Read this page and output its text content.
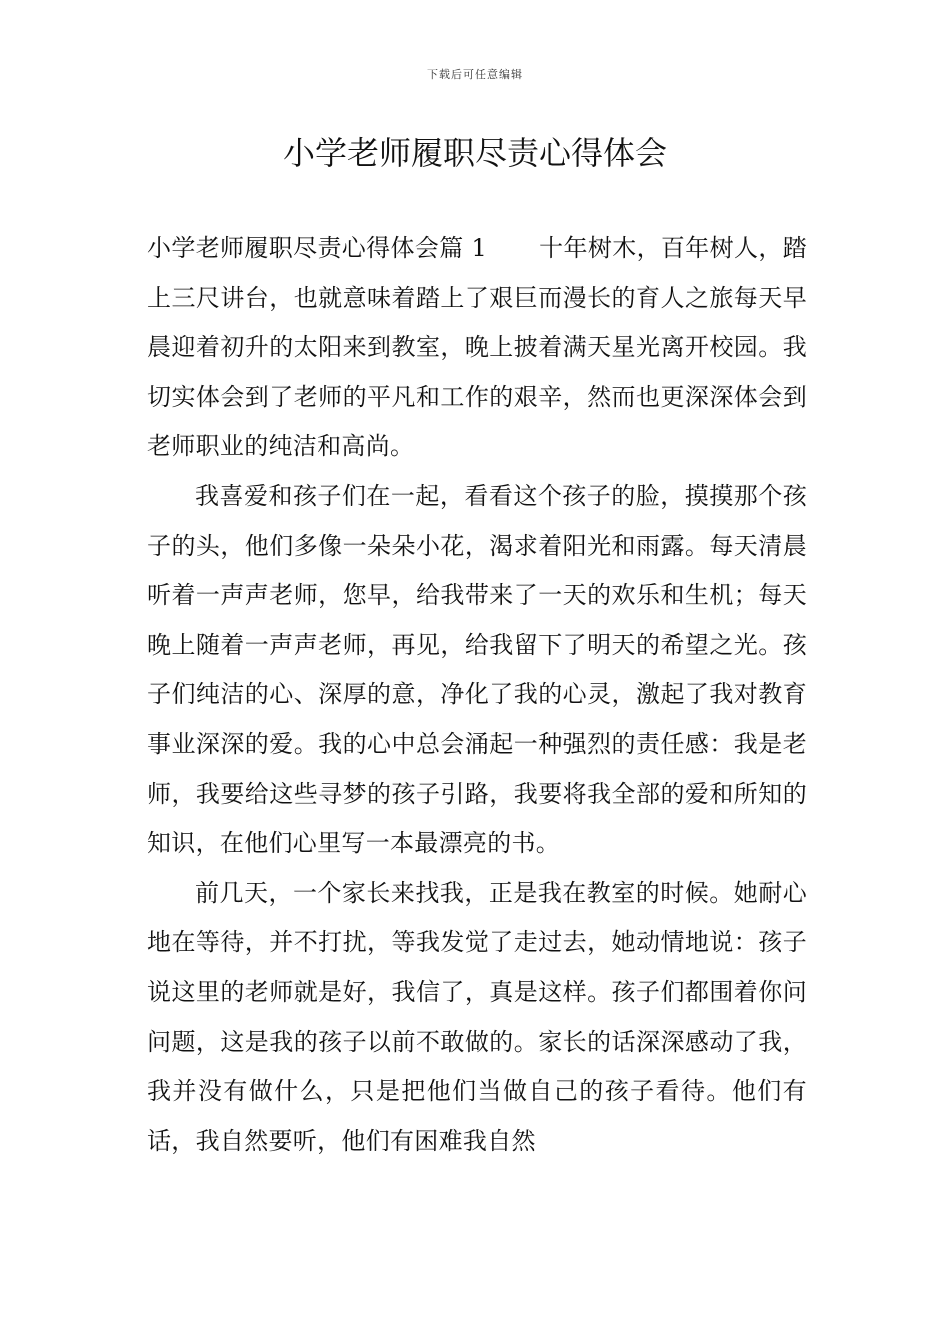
下载后可任意编辑
小学老师履职尽责心得体会

小学老师履职尽责心得体会篇 1 十年树木，百年树人，踏上三尺讲台，也就意味着踏上了艰巨而漫长的育人之旅每天早晨迎着初升的太阳来到教室，晚上披着满天星光离开校园。我切实体会到了老师的平凡和工作的艰辛，然而也更深深体会到老师职业的纯洁和高尚。

我喜爱和孩子们在一起，看看这个孩子的脸，摸摸那个孩子的头，他们多像一朵朵小花，渴求着阳光和雨露。每天清晨听着一声声老师，您早，给我带来了一天的欢乐和生机；每天晚上随着一声声老师，再见，给我留下了明天的希望之光。孩子们纯洁的心、深厚的意，净化了我的心灵，激起了我对教育事业深深的爱。我的心中总会涌起一种强烈的责任感：我是老师，我要给这些寻梦的孩子引路，我要将我全部的爱和所知的知识，在他们心里写一本最漂亮的书。

前几天，一个家长来找我，正是我在教室的时候。她耐心地在等待，并不打扰，等我发觉了走过去，她动情地说：孩子说这里的老师就是好，我信了，真是这样。孩子们都围着你问问题，这是我的孩子以前不敢做的。家长的话深深感动了我，我并没有做什么，只是把他们当做自己的孩子看待。他们有话，我自然要听，他们有困难我自然
